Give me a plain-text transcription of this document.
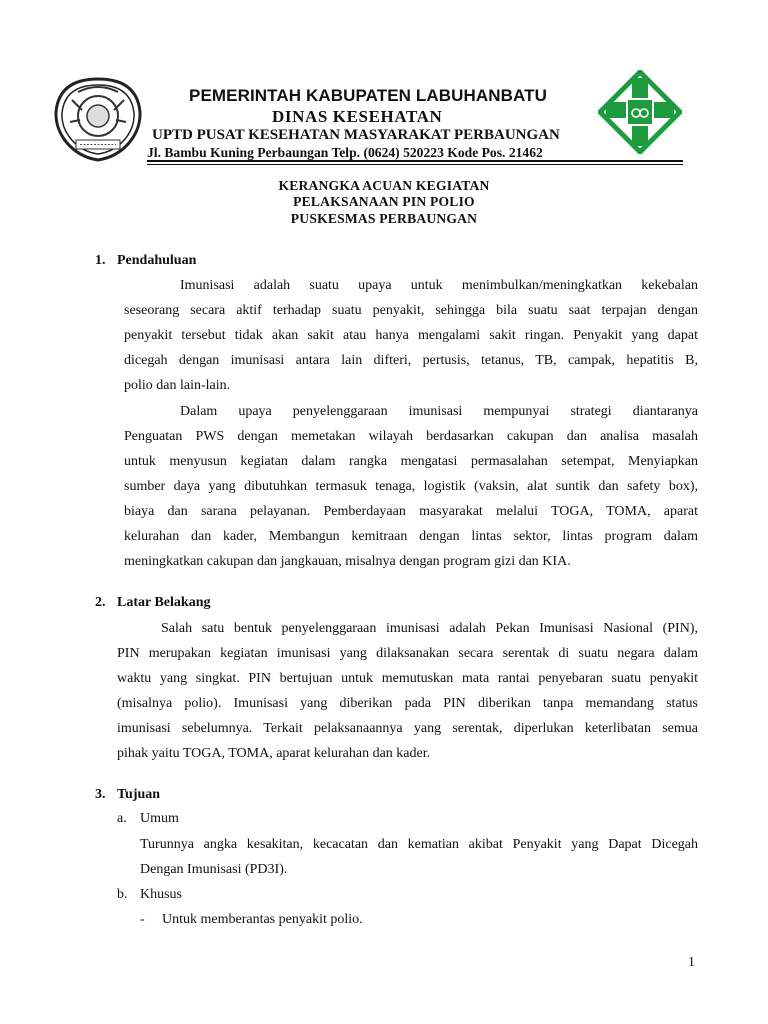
PEMERINTAH KABUPATEN LABUHANBATU
DINAS KESEHATAN
UPTD PUSAT KESEHATAN MASYARAKAT PERBAUNGAN
Jl. Bambu Kuning Perbaungan Telp. (0624) 520223 Kode Pos. 21462
KERANGKA ACUAN KEGIATAN
PELAKSANAAN PIN POLIO
PUSKESMAS PERBAUNGAN
1. Pendahuluan
Imunisasi adalah suatu upaya untuk menimbulkan/meningkatkan kekebalan
seseorang secara aktif terhadap suatu penyakit, sehingga bila suatu saat terpajan dengan
penyakit tersebut tidak akan sakit atau hanya mengalami sakit ringan. Penyakit yang dapat
dicegah dengan imunisasi antara lain difteri, pertusis, tetanus, TB, campak, hepatitis B,
polio dan lain-lain.
Dalam upaya penyelenggaraan imunisasi mempunyai strategi diantaranya
Penguatan PWS dengan memetakan wilayah berdasarkan cakupan dan analisa masalah
untuk menyusun kegiatan dalam rangka mengatasi permasalahan setempat, Menyiapkan
sumber daya yang dibutuhkan termasuk tenaga, logistik (vaksin, alat suntik dan safety box),
biaya dan sarana pelayanan. Pemberdayaan masyarakat melalui TOGA, TOMA, aparat
kelurahan dan kader, Membangun kemitraan dengan lintas sektor, lintas program dalam
meningkatkan cakupan dan jangkauan, misalnya dengan program gizi dan KIA.
2. Latar Belakang
Salah satu bentuk penyelenggaraan imunisasi adalah Pekan Imunisasi Nasional (PIN),
PIN merupakan kegiatan imunisasi yang dilaksanakan secara serentak di suatu negara dalam
waktu yang singkat. PIN bertujuan untuk memutuskan mata rantai penyebaran suatu penyakit
(misalnya polio). Imunisasi yang diberikan pada PIN diberikan tanpa memandang status
imunisasi sebelumnya. Terkait pelaksanaannya yang serentak, diperlukan keterlibatan semua
pihak yaitu TOGA, TOMA, aparat kelurahan dan kader.
3. Tujuan
a. Umum
Turunnya angka kesakitan, kecacatan dan kematian akibat Penyakit yang Dapat Dicegah
Dengan Imunisasi (PD3I).
b. Khusus
- Untuk memberantas penyakit polio.
1
